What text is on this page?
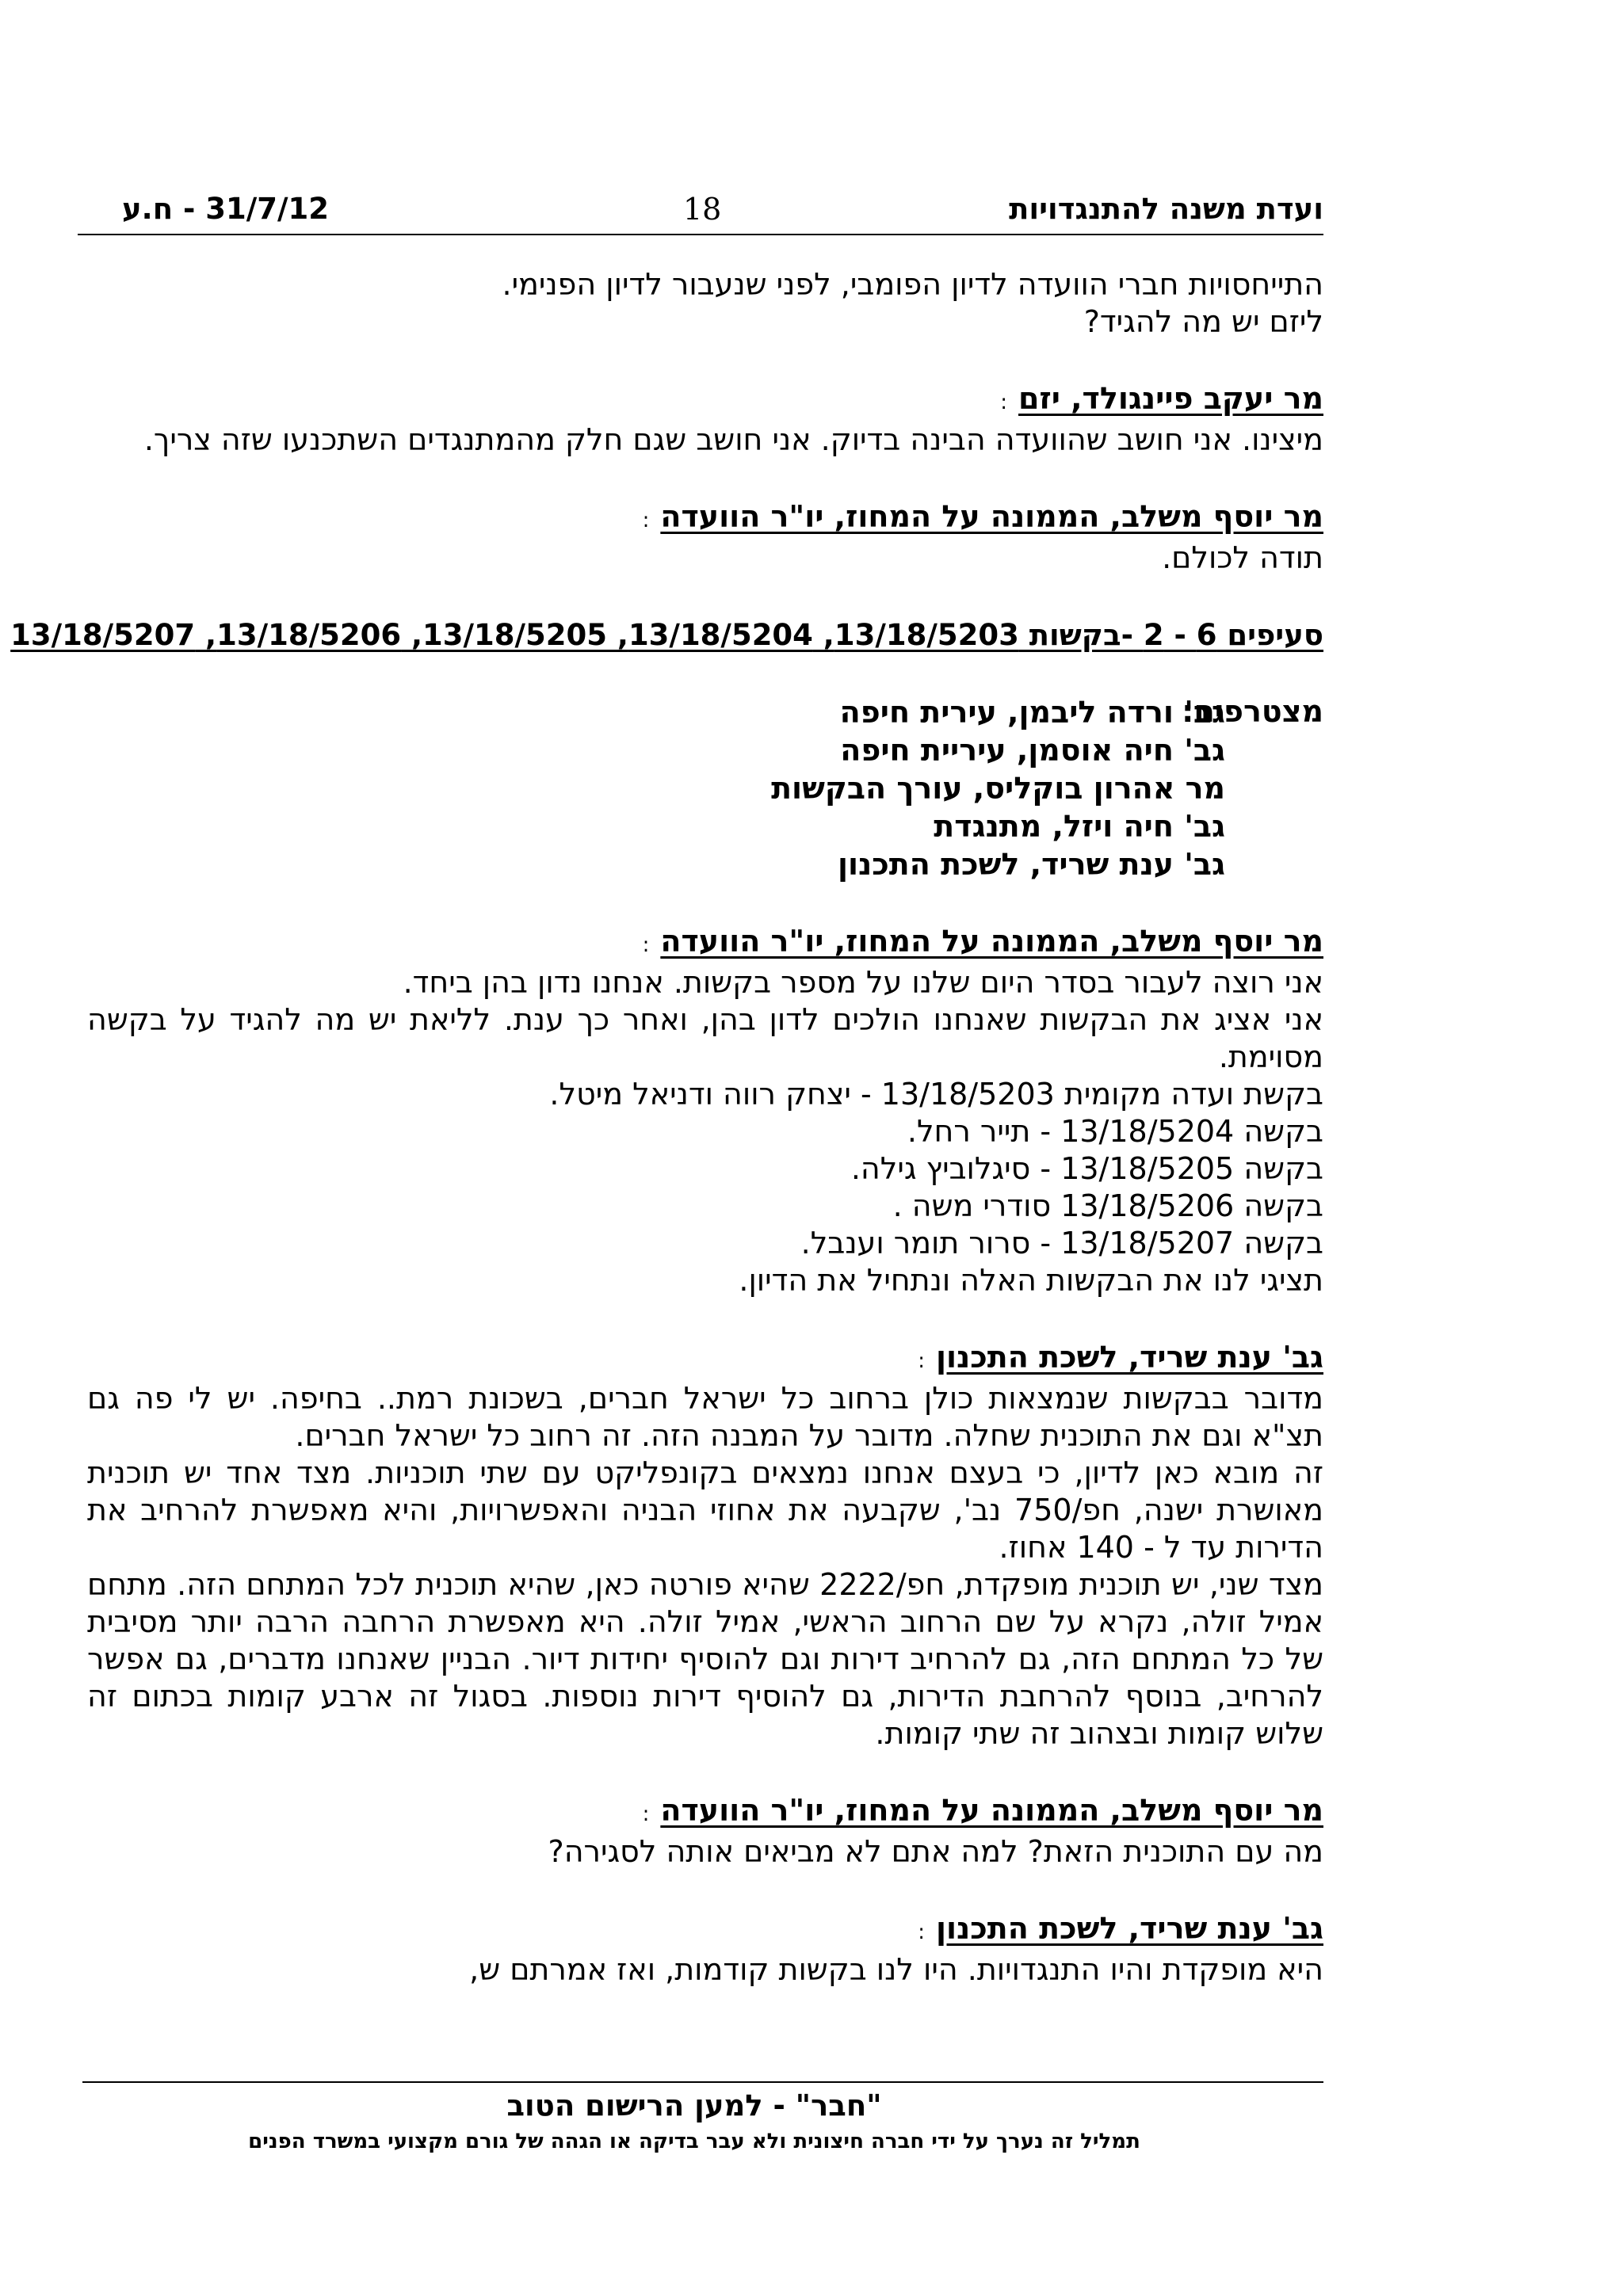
ועדת משנה להתנגדויות
18
31/7/12 - ח.ע

התייחסויות חברי הוועדה לדיון הפומבי, לפני שנעבור לדיון הפנימי.

ליזם יש מה להגיד?

מר יעקב פיינגולד, יזם:

מיצינו. אני חושב שהוועדה הבינה בדיוק. אני חושב שגם חלק מהמתנגדים השתכנעו שזה צריך.

מר יוסף משלב, הממונה על המחוז, יו"ר הוועדה:

תודה לכולם.

סעיפים 6 - 2 -בקשות 13/18/5203, 13/18/5204, 13/18/5205, 13/18/5206, 13/18/5207

מצטרפים:

גב' ורדה ליבמן, עירית חיפה

גב' חיה אוסמן, עיריית חיפה

מר אהרון בוקליס, עורך הבקשות

גב' חיה ויזל, מתנגדת

גב' ענת שריד, לשכת התכנון

מר יוסף משלב, הממונה על המחוז, יו"ר הוועדה:

אני רוצה לעבור בסדר היום שלנו על מספר בקשות. אנחנו נדון בהן ביחד.

אני אציג את הבקשות שאנחנו הולכים לדון בהן, ואחר כך ענת. לליאת יש מה להגיד על בקשה מסוימת.

בקשת ועדה מקומית 13/18/5203 - יצחק רווה ודניאל מיטל.

בקשה 13/18/5204 - תייר רחל.

בקשה 13/18/5205 - סיגלוביץ גילה.

בקשה 13/18/5206 סודרי משה .

בקשה 13/18/5207 - סרור תומר וענבל.

תציגי לנו את הבקשות האלה ונתחיל את הדיון.

גב' ענת שריד, לשכת התכנון:

מדובר בבקשות שנמצאות כולן ברחוב כל ישראל חברים, בשכונת רמת.. בחיפה. יש לי פה גם תצ"א וגם את התוכנית שחלה. מדובר על המבנה הזה. זה רחוב כל ישראל חברים.

זה מובא כאן לדיון, כי בעצם אנחנו נמצאים בקונפליקט עם שתי תוכניות. מצד אחד יש תוכנית מאושרת ישנה, חפ/750 נב', שקבעה את אחוזי הבניה והאפשרויות, והיא מאפשרת להרחיב את הדירות עד ל - 140 אחוז.

מצד שני, יש תוכנית מופקדת, חפ/2222 שהיא פורטה כאן, שהיא תוכנית לכל המתחם הזה. מתחם אמיל זולה, נקרא על שם הרחוב הראשי, אמיל זולה. היא מאפשרת הרחבה הרבה יותר מסיבית של כל המתחם הזה, גם להרחיב דירות וגם להוסיף יחידות דיור. הבניין שאנחנו מדברים, גם אפשר להרחיב, בנוסף להרחבת הדירות, גם להוסיף דירות נוספות. בסגול זה ארבע קומות בכתום זה שלוש קומות ובצהוב זה שתי קומות.

מר יוסף משלב, הממונה על המחוז, יו"ר הוועדה:

מה עם התוכנית הזאת? למה אתם לא מביאים אותה לסגירה?

גב' ענת שריד, לשכת התכנון:

היא מופקדת והיו התנגדויות. היו לנו בקשות קודמות, ואז אמרתם ש,

"חבר" - למען הרישום הטוב
תמליל זה נערך על ידי חברה חיצונית ולא עבר בדיקה או הגהה של גורם מקצועי במשרד הפנים
